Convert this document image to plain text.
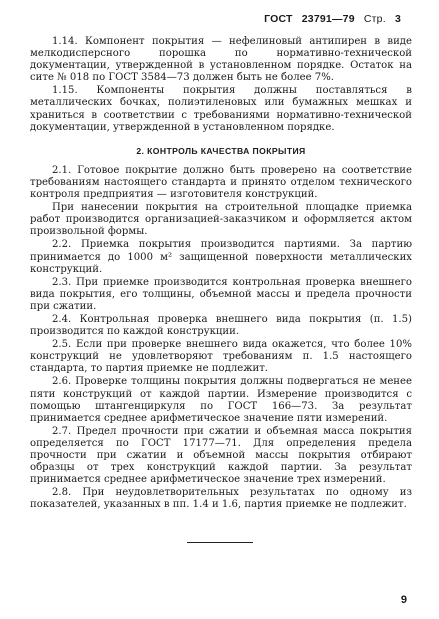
ГОСТ 23791—79 Стр. 3

1.14. Компонент покрытия — нефелиновый антипирен в виде мелкодисперсного порошка по нормативно-технической документации, утвержденной в установленном порядке. Остаток на сите № 018 по ГОСТ 3584—73 должен быть не более 7%.

1.15. Компоненты покрытия должны поставляться в металлических бочках, полиэтиленовых или бумажных мешках и храниться в соответствии с требованиями нормативно-технической документации, утвержденной в установленном порядке.

2. КОНТРОЛЬ КАЧЕСТВА ПОКРЫТИЯ

2.1. Готовое покрытие должно быть проверено на соответствие требованиям настоящего стандарта и принято отделом технического контроля предприятия — изготовителя конструкций.

При нанесении покрытия на строительной площадке приемка работ производится организацией-заказчиком и оформляется актом произвольной формы.

2.2. Приемка покрытия производится партиями. За партию принимается до 1000 м² защищенной поверхности металлических конструкций.

2.3. При приемке производится контрольная проверка внешнего вида покрытия, его толщины, объемной массы и предела прочности при сжатии.

2.4. Контрольная проверка внешнего вида покрытия (п. 1.5) производится по каждой конструкции.

2.5. Если при проверке внешнего вида окажется, что более 10% конструкций не удовлетворяют требованиям п. 1.5 настоящего стандарта, то партия приемке не подлежит.

2.6. Проверке толщины покрытия должны подвергаться не менее пяти конструкций от каждой партии. Измерение производится с помощью штангенциркуля по ГОСТ 166—73. За результат принимается среднее арифметическое значение пяти измерений.

2.7. Предел прочности при сжатии и объемная масса покрытия определяется по ГОСТ 17177—71. Для определения предела прочности при сжатии и объемной массы покрытия отбирают образцы от трех конструкций каждой партии. За результат принимается среднее арифметическое значение трех измерений.

2.8. При неудовлетворительных результатах по одному из показателей, указанных в пп. 1.4 и 1.6, партия приемке не подлежит.

9
